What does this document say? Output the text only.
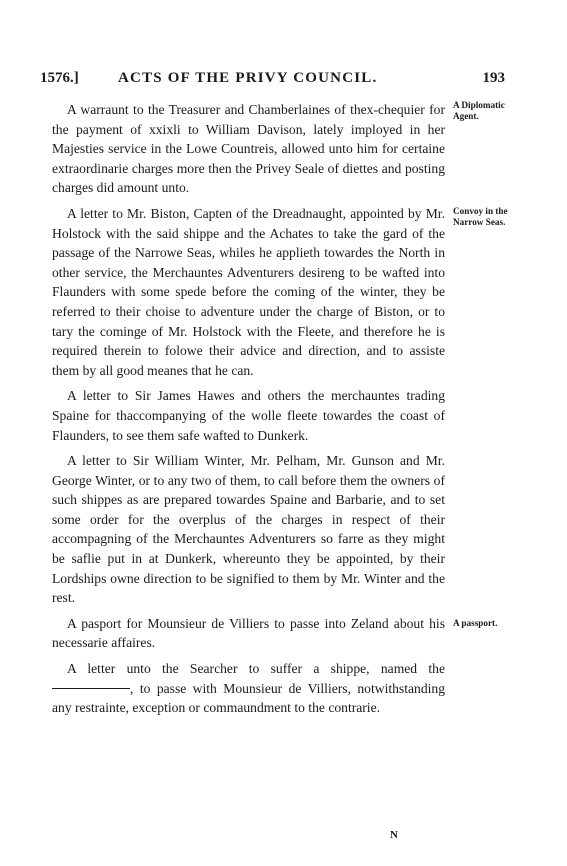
1576.]	ACTS OF THE PRIVY COUNCIL.	193

A warraunt to the Treasurer and Chamberlaines of thex-chequier for the payment of xxixli to William Davison, lately imployed in her Majesties service in the Lowe Countreis, allowed unto him for certaine extraordinarie charges more then the Privey Seale of diettes and posting charges did amount unto.
A Diplomatic
Agent.

A letter to Mr. Biston, Capten of the Dreadnaught, appointed by Mr. Holstock with the said shippe and the Achates to take the gard of the passage of the Narrowe Seas, whiles he applieth towardes the North in other service, the Merchauntes Adventurers desireng to be wafted into Flaunders with some spede before the coming of the winter, they be referred to their choise to adventure under the charge of Biston, or to tary the cominge of Mr. Holstock with the Fleete, and therefore he is required therein to folowe their advice and direction, and to assiste them by all good meanes that he can.
Convoy in the
Narrow Seas.

A letter to Sir James Hawes and others the merchauntes trading Spaine for thaccompanying of the wolle fleete towardes the coast of Flaunders, to see them safe wafted to Dunkerk.

A letter to Sir William Winter, Mr. Pelham, Mr. Gunson and Mr. George Winter, or to any two of them, to call before them the owners of such shippes as are prepared towardes Spaine and Barbarie, and to set some order for the overplus of the charges in respect of their accompagning of the Merchauntes Adventurers so farre as they might be saflie put in at Dunkerk, whereunto they be appointed, by their Lordships owne direction to be signified to them by Mr. Winter and the rest.

A pasport for Mounsieur de Villiers to passe into Zeland about his necessarie affaires.
A passport.

A letter unto the Searcher to suffer a shippe, named the , to passe with Mounsieur de Villiers, notwithstanding any restrainte, exception or commaundment to the contrarie.

N
